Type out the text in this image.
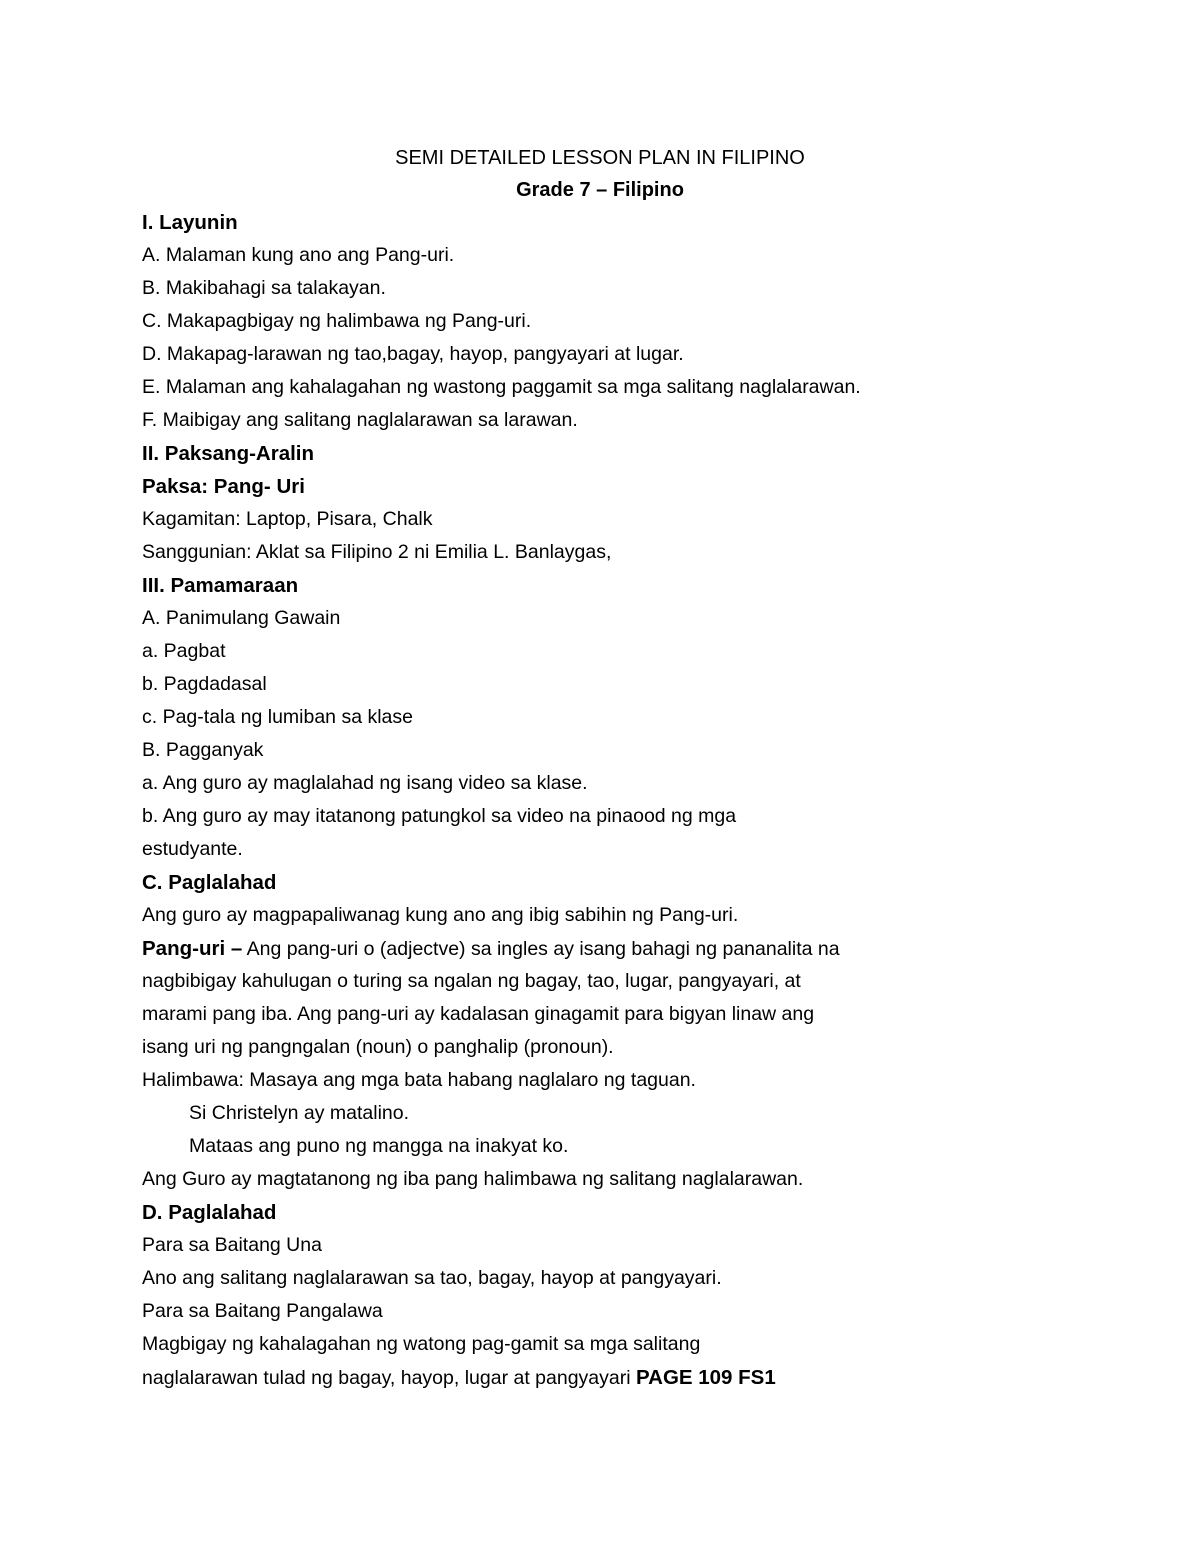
SEMI DETAILED LESSON PLAN IN FILIPINO
Grade 7 – Filipino
I. Layunin
A. Malaman kung ano ang Pang-uri.
B. Makibahagi sa talakayan.
C. Makapagbigay ng halimbawa ng Pang-uri.
D. Makapag-larawan ng tao,bagay, hayop, pangyayari at lugar.
E. Malaman ang kahalagahan ng wastong paggamit sa mga salitang naglalarawan.
F. Maibigay ang salitang naglalarawan sa larawan.
II. Paksang-Aralin
Paksa: Pang- Uri
Kagamitan: Laptop, Pisara, Chalk
Sanggunian: Aklat sa Filipino 2 ni Emilia L. Banlaygas,
III. Pamamaraan
A. Panimulang Gawain
a. Pagbat
b. Pagdadasal
c. Pag-tala ng lumiban sa klase
B. Pagganyak
a. Ang guro ay maglalahad ng isang video sa klase.
b. Ang guro ay may itatanong patungkol sa video na pinaood ng mga
estudyante.
C. Paglalahad
Ang guro ay magpapaliwanag kung ano ang ibig sabihin ng Pang-uri.
Pang-uri – Ang pang-uri o (adjectve) sa ingles ay isang bahagi ng pananalita na
nagbibigay kahulugan o turing sa ngalan ng bagay, tao, lugar, pangyayari, at
marami pang iba. Ang pang-uri ay kadalasan ginagamit para bigyan linaw ang
isang uri ng pangngalan (noun) o panghalip (pronoun).
Halimbawa: Masaya ang mga bata habang naglalaro ng taguan.
Si Christelyn ay matalino.
Mataas ang puno ng mangga na inakyat ko.
Ang Guro ay magtatanong ng iba pang halimbawa ng salitang naglalarawan.
D. Paglalahad
Para sa Baitang Una
Ano ang salitang naglalarawan sa tao, bagay, hayop at pangyayari.
Para sa Baitang Pangalawa
Magbigay ng kahalagahan ng watong pag-gamit sa mga salitang
naglalarawan tulad ng bagay, hayop, lugar at pangyayari PAGE 109 FS1
